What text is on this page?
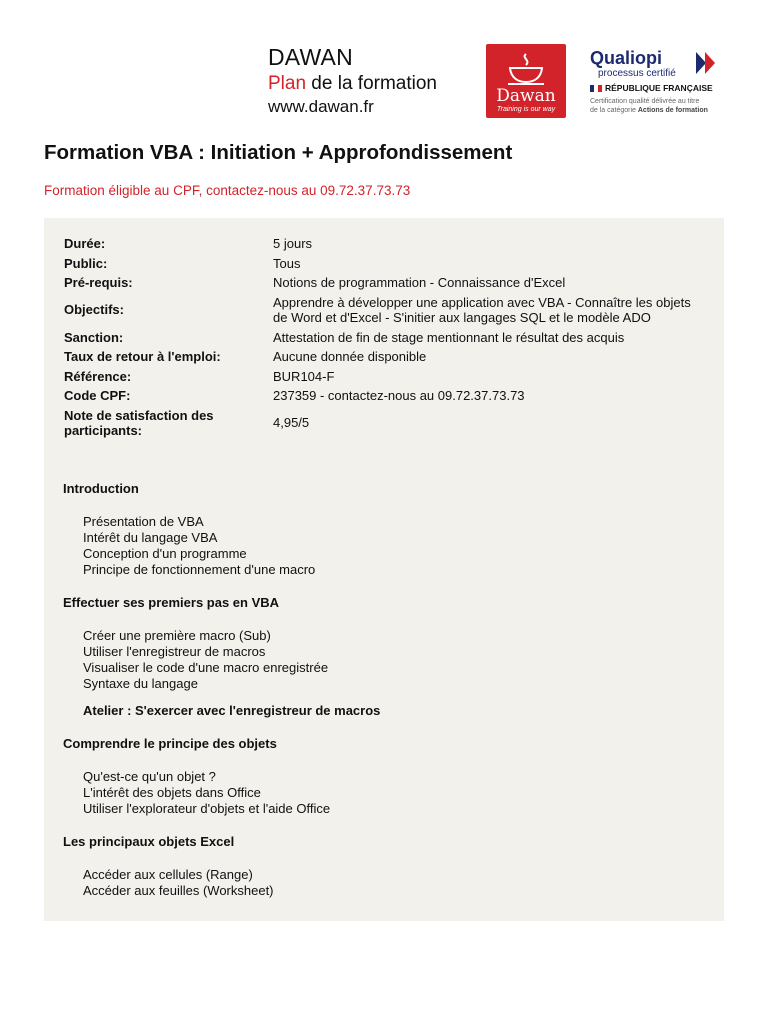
DAWAN
Plan de la formation
www.dawan.fr
Dawan
Training is our way
Qualiopi
processus certifié
RÉPUBLIQUE FRANÇAISE
Certification qualité délivrée au titre
de la catégorie Actions de formation
Formation VBA : Initiation + Approfondissement
Formation éligible au CPF, contactez-nous au 09.72.37.73.73
Durée:	5 jours
Public:	Tous
Pré-requis:	Notions de programmation - Connaissance d'Excel
Objectifs:
Apprendre à développer une application avec VBA - Connaître les objets de Word et d'Excel - S'initier aux langages SQL et le modèle ADO
Sanction:	Attestation de fin de stage mentionnant le résultat des acquis
Taux de retour à l'emploi:	Aucune donnée disponible
Référence:	BUR104-F
Code CPF:	237359 - contactez-nous au 09.72.37.73.73
Note de satisfaction des participants:
4,95/5
Introduction
Présentation de VBA
Intérêt du langage VBA
Conception d'un programme
Principe de fonctionnement d'une macro
Effectuer ses premiers pas en VBA
Créer une première macro (Sub)
Utiliser l'enregistreur de macros
Visualiser le code d'une macro enregistrée
Syntaxe du langage
Atelier : S'exercer avec l'enregistreur de macros
Comprendre le principe des objets
Qu'est-ce qu'un objet ?
L'intérêt des objets dans Office
Utiliser l'explorateur d'objets et l'aide Office
Les principaux objets Excel
Accéder aux cellules (Range)
Accéder aux feuilles (Worksheet)
